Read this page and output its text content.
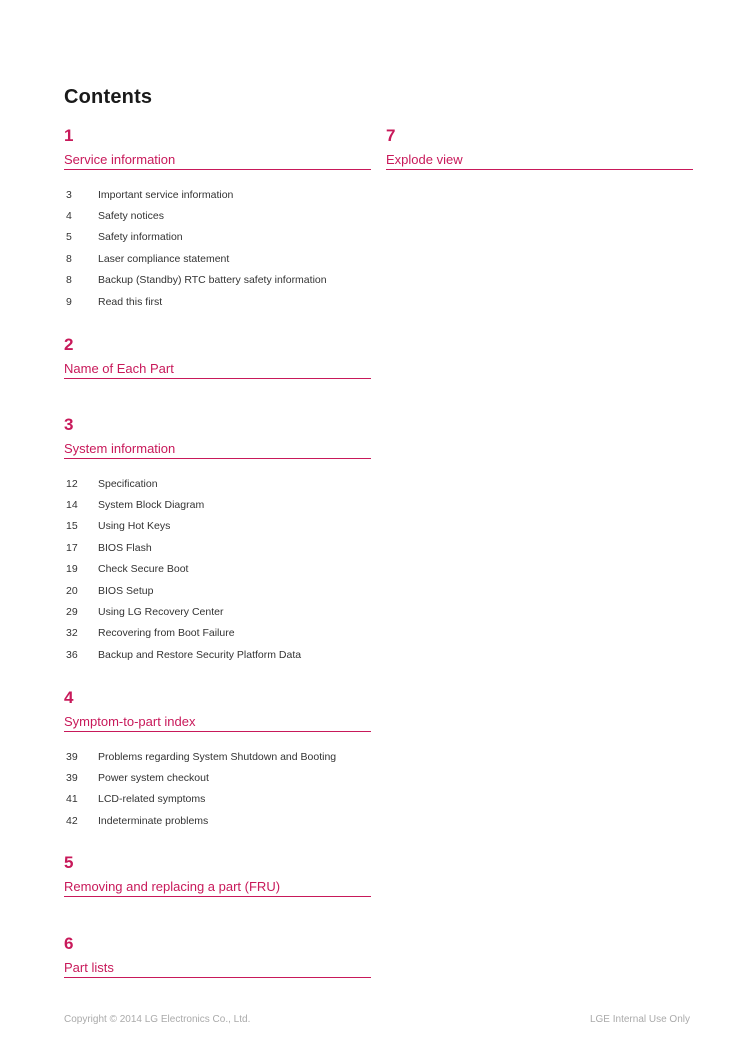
Contents
1
Service information
3	Important service information
4	Safety notices
5	Safety information
8	Laser compliance statement
8	Backup (Standby) RTC battery safety information
9	Read this first
2
Name of Each Part
3
System information
12	Specification
14	System Block Diagram
15	Using Hot Keys
17	BIOS Flash
19	Check Secure Boot
20	BIOS Setup
29	Using LG Recovery Center
32	Recovering from Boot Failure
36	Backup and Restore Security Platform Data
4
Symptom-to-part index
39	Problems regarding System Shutdown and Booting
39	Power system checkout
41	LCD-related symptoms
42	Indeterminate problems
5
Removing and replacing a part (FRU)
6
Part lists
7
Explode view
Copyright © 2014 LG Electronics Co., Ltd.	LGE Internal Use Only
